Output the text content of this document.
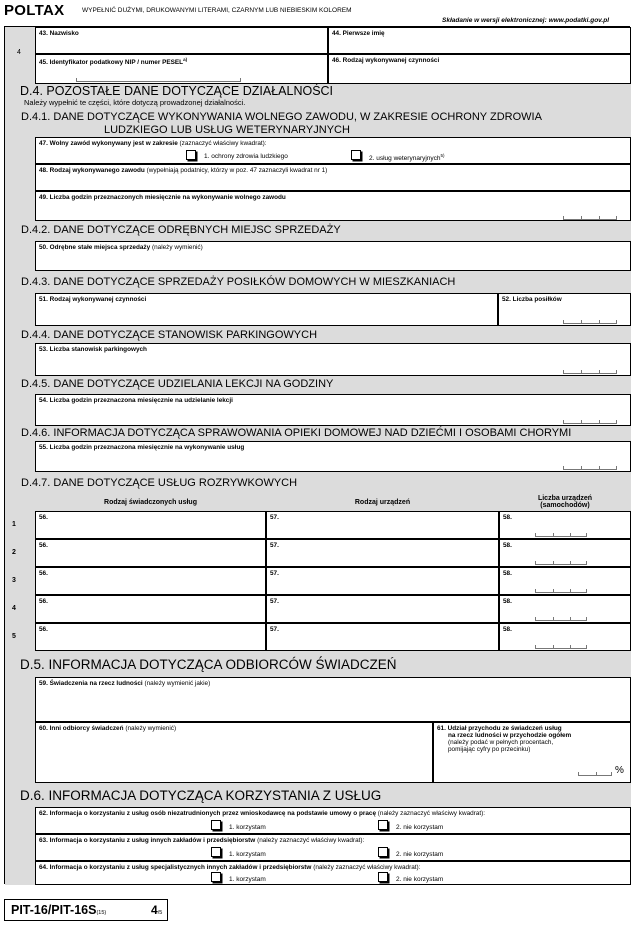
POLTAX	WYPEŁNIĆ DUŻYMI, DRUKOWANYMI LITERAMI, CZARNYM LUB NIEBIESKIM KOLOREM
Składanie w wersji elektronicznej: www.podatki.gov.pl
4
43. Nazwisko	44. Pierwsze imię
45. Identyfikator podatkowy NIP / numer PESEL$^{a)}$	46. Rodzaj wykonywanej czynności
D.4. POZOSTAŁE DANE DOTYCZĄCE DZIAŁALNOŚCI
Należy wypełnić te części, które dotyczą prowadzonej działalności.
D.4.1. DANE DOTYCZĄCE WYKONYWANIA WOLNEGO ZAWODU, W ZAKRESIE OCHRONY ZDROWIA
LUDZKIEGO LUB USŁUG WETERYNARYJNYCH
47. Wolny zawód wykonywany jest w zakresie (zaznaczyć właściwy kwadrat):
1. ochrony zdrowia ludzkiego	2. usług weterynaryjnych$^{5)}$
48. Rodzaj wykonywanego zawodu (wypełniają podatnicy, którzy w poz. 47 zaznaczyli kwadrat nr 1)
49. Liczba godzin przeznaczonych miesięcznie na wykonywanie wolnego zawodu
D.4.2. DANE DOTYCZĄCE ODRĘBNYCH MIEJSC SPRZEDAŻY
50. Odrębne stałe miejsca sprzedaży (należy wymienić)
D.4.3. DANE DOTYCZĄCE SPRZEDAŻY POSIŁKÓW DOMOWYCH W MIESZKANIACH
51. Rodzaj wykonywanej czynności	52. Liczba posiłków
D.4.4. DANE DOTYCZĄCE STANOWISK PARKINGOWYCH
53. Liczba stanowisk parkingowych
D.4.5. DANE DOTYCZĄCE UDZIELANIA LEKCJI NA GODZINY
54. Liczba godzin przeznaczona miesięcznie na udzielanie lekcji
D.4.6. INFORMACJA DOTYCZĄCA SPRAWOWANIA OPIEKI DOMOWEJ NAD DZIEĆMI I OSOBAMI CHORYMI
55. Liczba godzin przeznaczona miesięcznie na wykonywanie usług
D.4.7. DANE DOTYCZĄCE USŁUG ROZRYWKOWYCH
Rodzaj świadczonych usług	Rodzaj urządzeń
Liczba urządzeń
(samochodów)
1
56.	57.	58.
2
56.	57.	58.
3
56.	57.	58.
4
56.	57.	58.
5
56.	57.	58.
D.5. INFORMACJA DOTYCZĄCA ODBIORCÓW ŚWIADCZEŃ
59. Świadczenia na rzecz ludności (należy wymienić jakie)
60. Inni odbiorcy świadczeń (należy wymienić)	61. Udział przychodu ze świadczeń usług
na rzecz ludności w przychodzie ogółem
(należy podać w pełnych procentach,
pomijając cyfry po przecinku)
%
D.6. INFORMACJA DOTYCZĄCA KORZYSTANIA Z USŁUG
62. Informacja o korzystaniu z usług osób niezatrudnionych przez wnioskodawcę na podstawie umowy o pracę (należy zaznaczyć właściwy kwadrat):
1. korzystam	2. nie korzystam
63. Informacja o korzystaniu z usług innych zakładów i przedsiębiorstw (należy zaznaczyć właściwy kwadrat):
1. korzystam	2. nie korzystam
64. Informacja o korzystaniu z usług specjalistycznych innych zakładów i przedsiębiorstw (należy zaznaczyć właściwy kwadrat):
1. korzystam	2. nie korzystam
PIT-16/PIT-16S(15)	4/5
